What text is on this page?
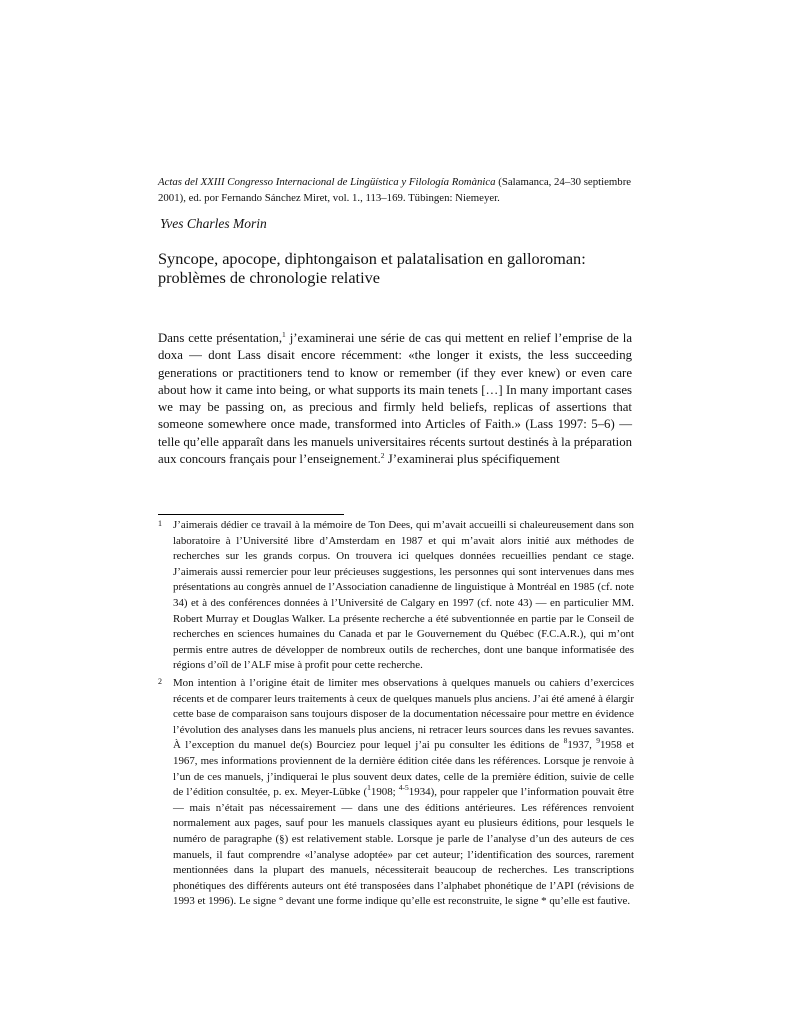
Actas del XXIII Congresso Internacional de Lingüística y Filología Romànica (Salamanca, 24–30 septiembre 2001), ed. por Fernando Sánchez Miret, vol. 1., 113–169. Tübingen: Niemeyer.
Yves Charles Morin
Syncope, apocope, diphtongaison et palatalisation en galloroman:
problèmes de chronologie relative
Dans cette présentation,$^1$ j’examinerai une série de cas qui mettent en relief l’emprise de la doxa — dont Lass disait encore récemment: «the longer it exists, the less succeeding generations or practitioners tend to know or remember (if they ever knew) or even care about how it came into being, or what supports its main tenets […] In many important cases we may be passing on, as precious and firmly held beliefs, replicas of assertions that someone somewhere once made, transformed into Articles of Faith.» (Lass 1997: 5–6) — telle qu’elle apparaît dans les manuels universitaires récents surtout destinés à la préparation aux concours français pour l’enseignement.$^2$ J’examinerai plus spécifiquement
1 J’aimerais dédier ce travail à la mémoire de Ton Dees, qui m’avait accueilli si chaleureusement dans son laboratoire à l’Université libre d’Amsterdam en 1987 et qui m’avait alors initié aux méthodes de recherches sur les grands corpus. On trouvera ici quelques données recueillies pendant ce stage. J’aimerais aussi remercier pour leur précieuses suggestions, les personnes qui sont intervenues dans mes présentations au congrès annuel de l’Association canadienne de linguistique à Montréal en 1985 (cf. note 34) et à des conférences données à l’Université de Calgary en 1997 (cf. note 43) — en particulier MM. Robert Murray et Douglas Walker. La présente recherche a été subventionnée en partie par le Conseil de recherches en sciences humaines du Canada et par le Gouvernement du Québec (F.C.A.R.), qui m’ont permis entre autres de développer de nombreux outils de recherches, dont une banque informatisée des régions d’oïl de l’ALF mise à profit pour cette recherche.
2 Mon intention à l’origine était de limiter mes observations à quelques manuels ou cahiers d’exercices récents et de comparer leurs traitements à ceux de quelques manuels plus anciens. J’ai été amené à élargir cette base de comparaison sans toujours disposer de la documentation nécessaire pour mettre en évidence l’évolution des analyses dans les manuels plus anciens, ni retracer leurs sources dans les revues savantes. À l’exception du manuel de(s) Bourciez pour lequel j’ai pu consulter les éditions de $^8$1937, $^9$1958 et 1967, mes informations proviennent de la dernière édition citée dans les références. Lorsque je renvoie à l’un de ces manuels, j’indiquerai le plus souvent deux dates, celle de la première édition, suivie de celle de l’édition consultée, p. ex. Meyer-Lübke ($^1$1908; $^{4-5}$1934), pour rappeler que l’information pouvait être — mais n’était pas nécessairement — dans une des éditions antérieures. Les références renvoient normalement aux pages, sauf pour les manuels classiques ayant eu plusieurs éditions, pour lesquels le numéro de paragraphe (§) est relativement stable. Lorsque je parle de l’analyse d’un des auteurs de ces manuels, il faut comprendre «l’analyse adoptée» par cet auteur; l’identification des sources, rarement mentionnées dans la plupart des manuels, nécessiterait beaucoup de recherches. Les transcriptions phonétiques des différents auteurs ont été transposées dans l’alphabet phonétique de l’API (révisions de 1993 et 1996). Le signe ° devant une forme indique qu’elle est reconstruite, le signe * qu’elle est fautive.
